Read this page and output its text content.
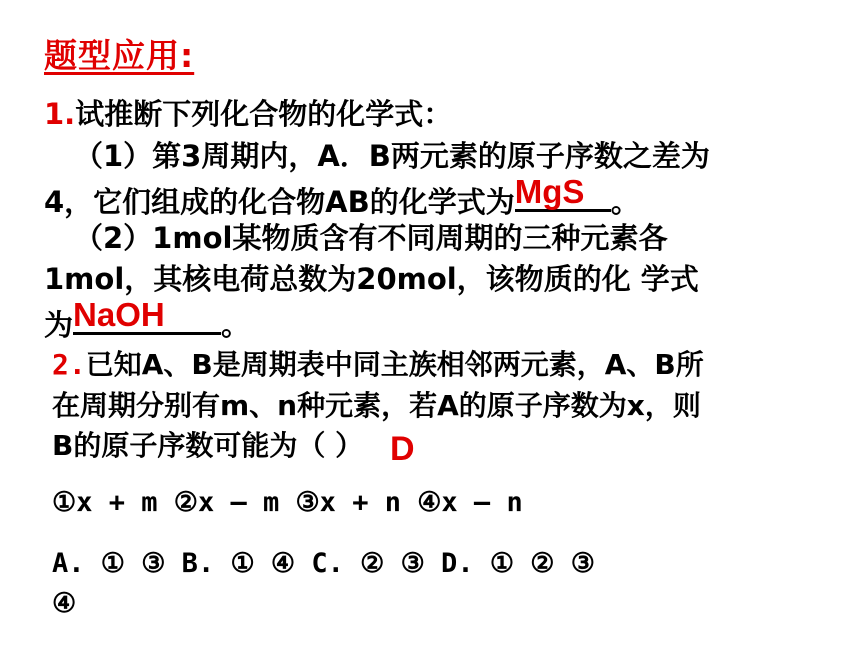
题型应用:
1.试推断下列化合物的化学式：
（1）第3周期内，A．B两元素的原子序数之差为
4，它们组成的化合物AB的化学式为 MgS 。
（2）1mol某物质含有不同周期的三种元素各
1mol，其核电荷总数为20mol，该物质的化 学式
为 NaOH 。
2.已知A、B是周期表中同主族相邻两元素，A、B所
在周期分别有m、n种元素，若A的原子序数为x，则
B的原子序数可能为（ ） D
①x + m ②x – m ③x + n ④x – n
A. ① ③ B. ① ④ C. ② ③ D. ① ② ③
④
